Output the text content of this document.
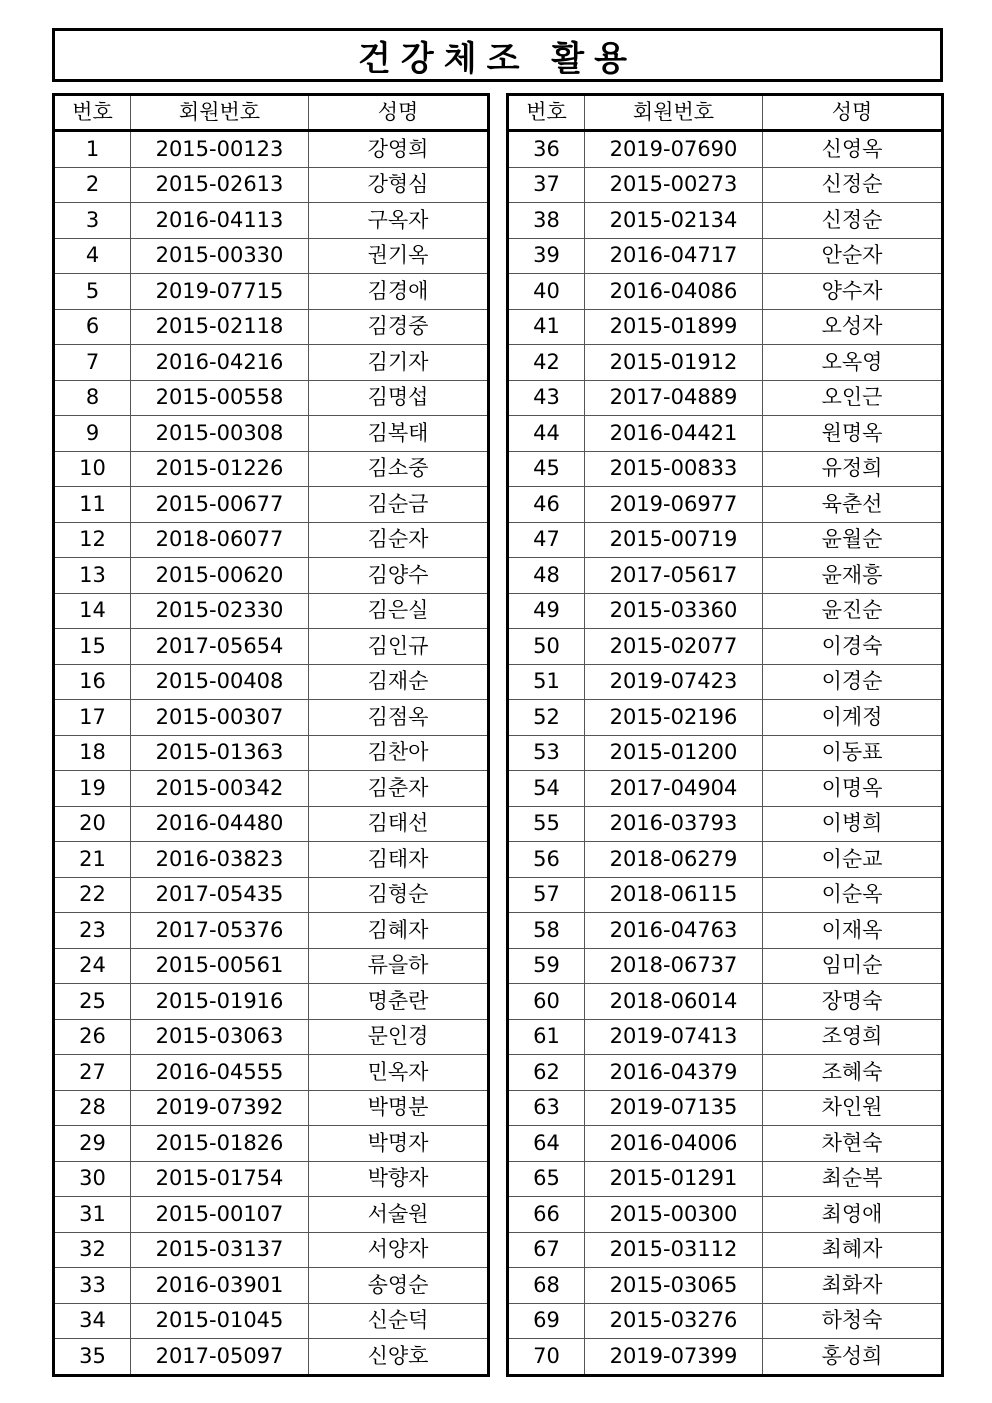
건강체조 활용
번호	회원번호	성명
1	2015-00123	강영희
2	2015-02613	강형심
3	2016-04113	구옥자
4	2015-00330	권기옥
5	2019-07715	김경애
6	2015-02118	김경중
7	2016-04216	김기자
8	2015-00558	김명섭
9	2015-00308	김복태
10	2015-01226	김소중
11	2015-00677	김순금
12	2018-06077	김순자
13	2015-00620	김양수
14	2015-02330	김은실
15	2017-05654	김인규
16	2015-00408	김재순
17	2015-00307	김점옥
18	2015-01363	김찬아
19	2015-00342	김춘자
20	2016-04480	김태선
21	2016-03823	김태자
22	2017-05435	김형순
23	2017-05376	김혜자
24	2015-00561	류을하
25	2015-01916	명춘란
26	2015-03063	문인경
27	2016-04555	민옥자
28	2019-07392	박명분
29	2015-01826	박명자
30	2015-01754	박향자
31	2015-00107	서술원
32	2015-03137	서양자
33	2016-03901	송영순
34	2015-01045	신순덕
35	2017-05097	신양호
번호	회원번호	성명
36	2019-07690	신영옥
37	2015-00273	신정순
38	2015-02134	신정순
39	2016-04717	안순자
40	2016-04086	양수자
41	2015-01899	오성자
42	2015-01912	오옥영
43	2017-04889	오인근
44	2016-04421	원명옥
45	2015-00833	유정희
46	2019-06977	육춘선
47	2015-00719	윤월순
48	2017-05617	윤재흥
49	2015-03360	윤진순
50	2015-02077	이경숙
51	2019-07423	이경순
52	2015-02196	이계정
53	2015-01200	이동표
54	2017-04904	이명옥
55	2016-03793	이병희
56	2018-06279	이순교
57	2018-06115	이순옥
58	2016-04763	이재옥
59	2018-06737	임미순
60	2018-06014	장명숙
61	2019-07413	조영희
62	2016-04379	조혜숙
63	2019-07135	차인원
64	2016-04006	차현숙
65	2015-01291	최순복
66	2015-00300	최영애
67	2015-03112	최혜자
68	2015-03065	최화자
69	2015-03276	하청숙
70	2019-07399	홍성희
